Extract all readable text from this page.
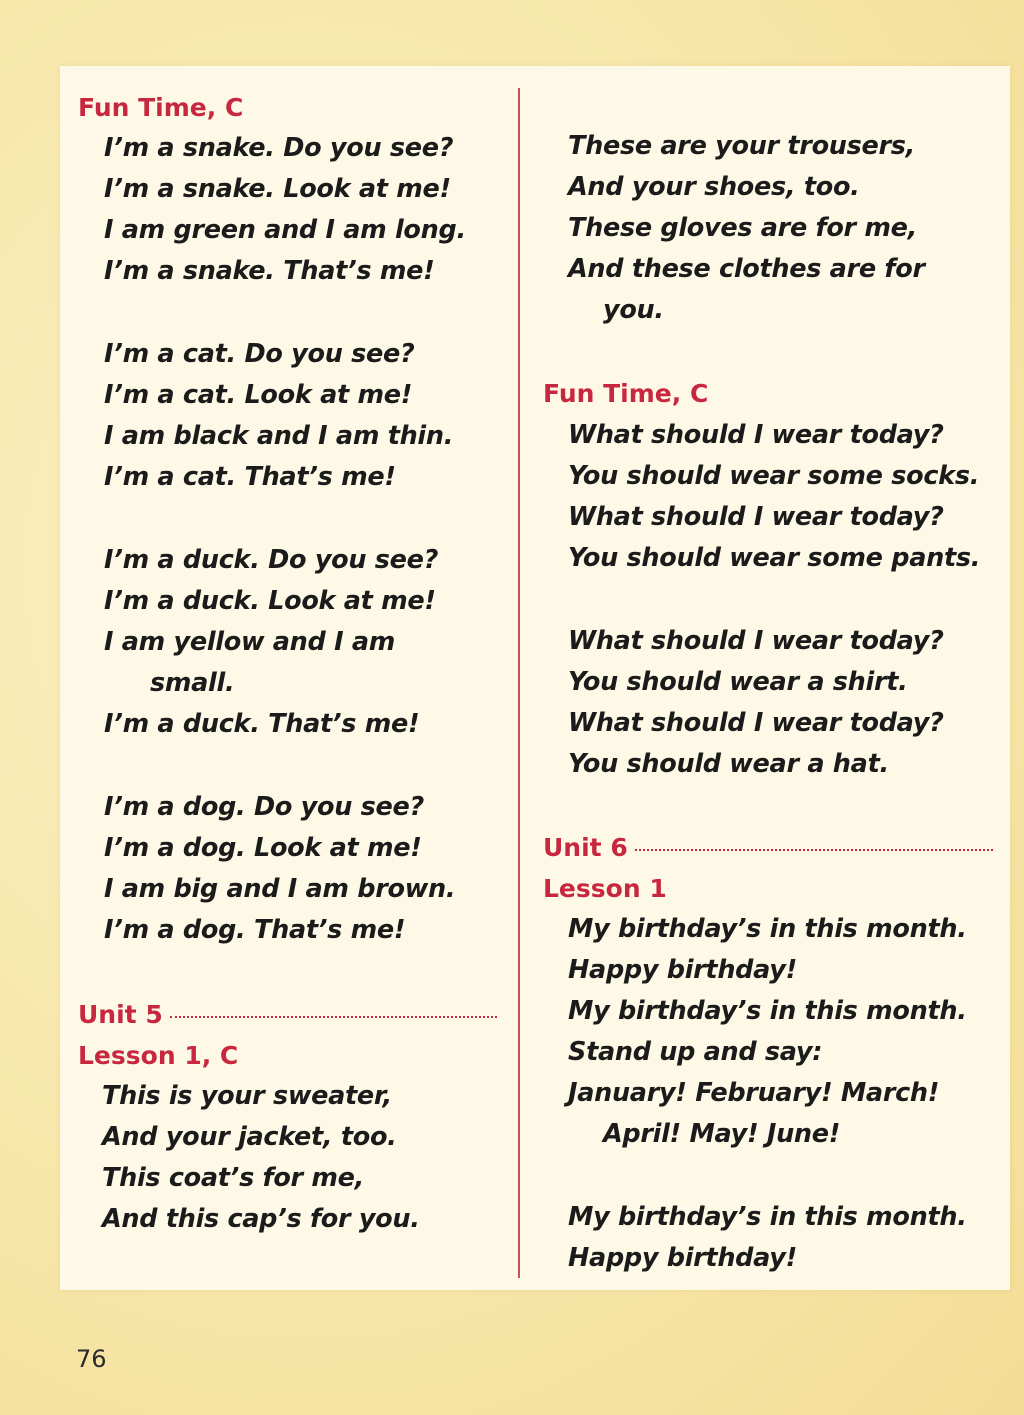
Fun Time, C
I’m a snake. Do you see?
I’m a snake. Look at me!
I am green and I am long.
I’m a snake. That’s me!
I’m a cat. Do you see?
I’m a cat. Look at me!
I am black and I am thin.
I’m a cat. That’s me!
I’m a duck. Do you see?
I’m a duck. Look at me!
I am yellow and I am
small.
I’m a duck. That’s me!
I’m a dog. Do you see?
I’m a dog. Look at me!
I am big and I am brown.
I’m a dog. That’s me!
Unit 5
Lesson 1, C
This is your sweater,
And your jacket, too.
This coat’s for me,
And this cap’s for you.
These are your trousers,
And your shoes, too.
These gloves are for me,
And these clothes are for
you.
Fun Time, C
What should I wear today?
You should wear some socks.
What should I wear today?
You should wear some pants.
What should I wear today?
You should wear a shirt.
What should I wear today?
You should wear a hat.
Unit 6
Lesson 1
My birthday’s in this month.
Happy birthday!
My birthday’s in this month.
Stand up and say:
January! February! March!
April! May! June!
My birthday’s in this month.
Happy birthday!
76
